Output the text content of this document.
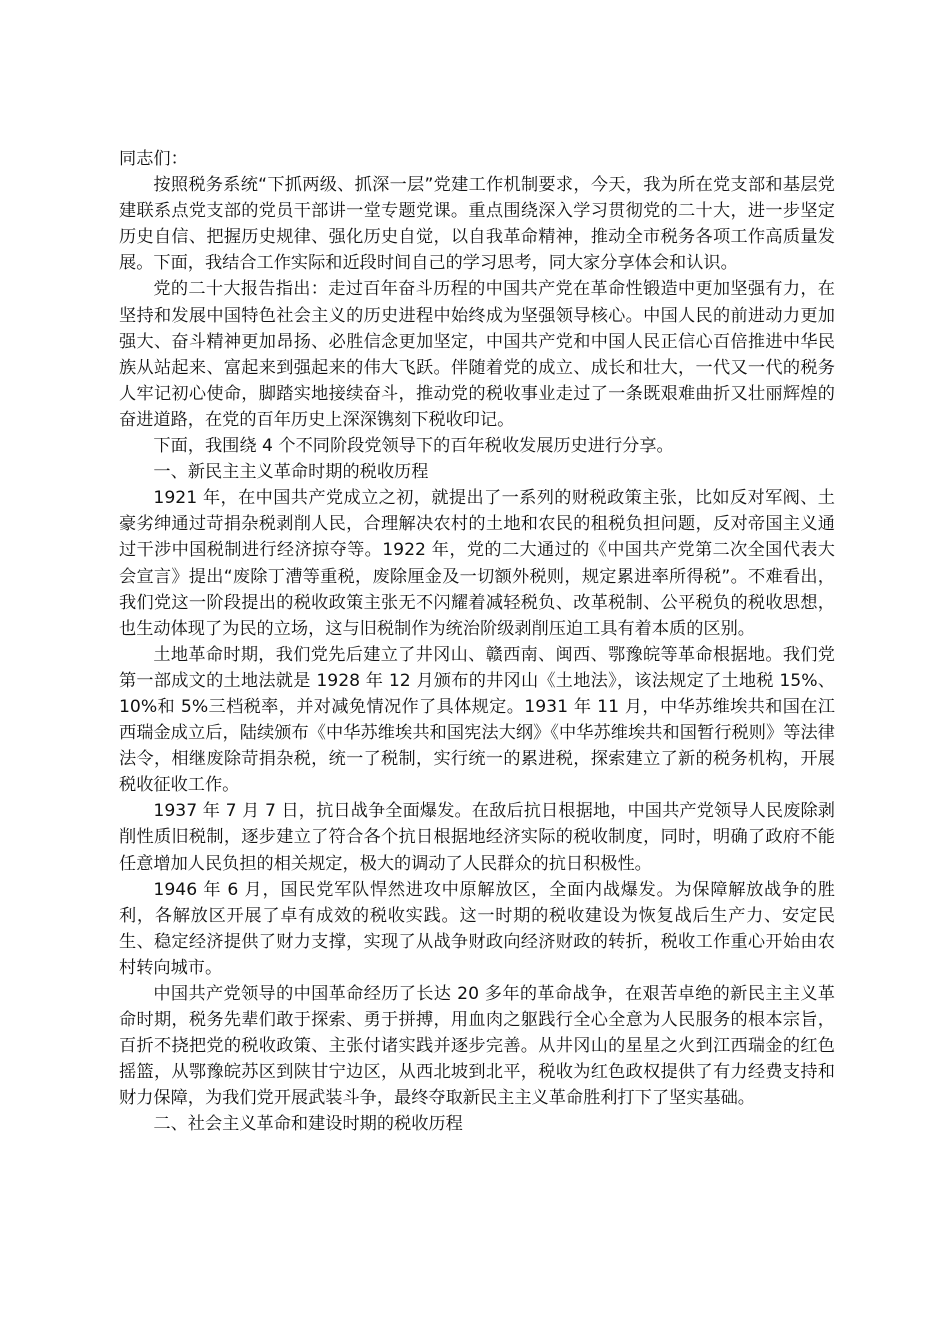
同志们：

按照税务系统“下抓两级、抓深一层”党建工作机制要求，今天，我为所在党支部和基层党建联系点党支部的党员干部讲一堂专题党课。重点围绕深入学习贯彻党的二十大，进一步坚定历史自信、把握历史规律、强化历史自觉，以自我革命精神，推动全市税务各项工作高质量发展。下面，我结合工作实际和近段时间自己的学习思考，同大家分享体会和认识。

党的二十大报告指出：走过百年奋斗历程的中国共产党在革命性锻造中更加坚强有力，在坚持和发展中国特色社会主义的历史进程中始终成为坚强领导核心。中国人民的前进动力更加强大、奋斗精神更加昂扬、必胜信念更加坚定，中国共产党和中国人民正信心百倍推进中华民族从站起来、富起来到强起来的伟大飞跃。伴随着党的成立、成长和壮大，一代又一代的税务人牢记初心使命，脚踏实地接续奋斗，推动党的税收事业走过了一条既艰难曲折又壮丽辉煌的奋进道路，在党的百年历史上深深镌刻下税收印记。

下面，我围绕 4 个不同阶段党领导下的百年税收发展历史进行分享。

一、新民主主义革命时期的税收历程

1921 年，在中国共产党成立之初，就提出了一系列的财税政策主张，比如反对军阀、土豪劣绅通过苛捐杂税剥削人民，合理解决农村的土地和农民的租税负担问题，反对帝国主义通过干涉中国税制进行经济掠夺等。1922 年，党的二大通过的《中国共产党第二次全国代表大会宣言》提出“废除丁漕等重税，废除厘金及一切额外税则，规定累进率所得税”。不难看出，我们党这一阶段提出的税收政策主张无不闪耀着减轻税负、改革税制、公平税负的税收思想，也生动体现了为民的立场，这与旧税制作为统治阶级剥削压迫工具有着本质的区别。

土地革命时期，我们党先后建立了井冈山、赣西南、闽西、鄂豫皖等革命根据地。我们党第一部成文的土地法就是 1928 年 12 月颁布的井冈山《土地法》，该法规定了土地税 15%、10%和 5%三档税率，并对减免情况作了具体规定。1931 年 11 月，中华苏维埃共和国在江西瑞金成立后，陆续颁布《中华苏维埃共和国宪法大纲》《中华苏维埃共和国暂行税则》等法律法令，相继废除苛捐杂税，统一了税制，实行统一的累进税，探索建立了新的税务机构，开展税收征收工作。

1937 年 7 月 7 日，抗日战争全面爆发。在敌后抗日根据地，中国共产党领导人民废除剥削性质旧税制，逐步建立了符合各个抗日根据地经济实际的税收制度，同时，明确了政府不能任意增加人民负担的相关规定，极大的调动了人民群众的抗日积极性。

1946 年 6 月，国民党军队悍然进攻中原解放区，全面内战爆发。为保障解放战争的胜利，各解放区开展了卓有成效的税收实践。这一时期的税收建设为恢复战后生产力、安定民生、稳定经济提供了财力支撑，实现了从战争财政向经济财政的转折，税收工作重心开始由农村转向城市。

中国共产党领导的中国革命经历了长达 20 多年的革命战争，在艰苦卓绝的新民主主义革命时期，税务先辈们敢于探索、勇于拼搏，用血肉之躯践行全心全意为人民服务的根本宗旨，百折不挠把党的税收政策、主张付诸实践并逐步完善。从井冈山的星星之火到江西瑞金的红色摇篮，从鄂豫皖苏区到陕甘宁边区，从西北坡到北平，税收为红色政权提供了有力经费支持和财力保障，为我们党开展武装斗争，最终夺取新民主主义革命胜利打下了坚实基础。

二、社会主义革命和建设时期的税收历程
